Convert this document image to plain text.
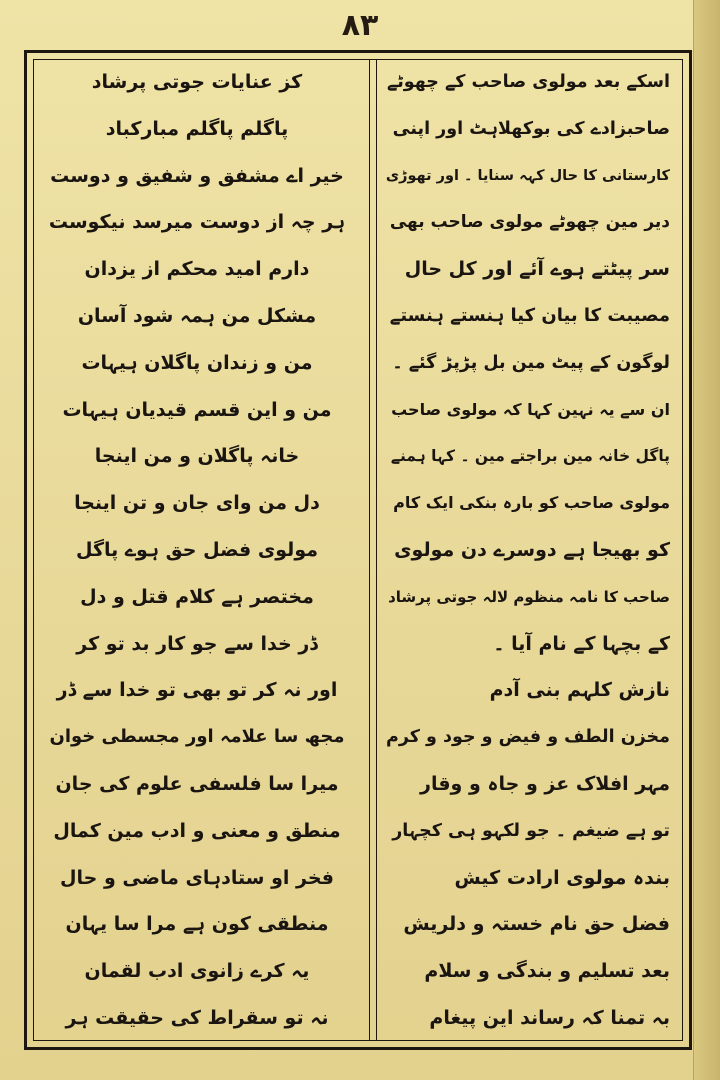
۸۳
اسکے بعد مولوی صاحب کے چھوٹے
صاحبزادے کی بوکھلاہٹ اور اپنی
کارستانی کا حال کہہ سنایا ۔ اور تھوڑی
دیر مین چھوٹے مولوی صاحب بھی
سر پیٹتے ہوے آئے اور کل حال
مصیبت کا بیان کیا ہنستے ہنستے
لوگون کے پیٹ مین بل پڑپڑ گئے ۔
ان سے یہ نہین کہا کہ مولوی صاحب
پاگل خانہ مین براجتے مین ۔ کہا ہمنے
مولوی صاحب کو بارہ بنکی ایک کام
کو بھیجا ہے دوسرے دن مولوی
صاحب کا نامہ منظوم لالہ جوتی پرشاد
کے بچہا کے نام آیا ۔
نازش کلہم بنی آدم
مخزن الطف و فیض و جود و کرم
مہر افلاک عز و جاہ و وقار
تو ہے ضیغم ۔ جو لکہو ہی کچہار
بندہ مولوی ارادت کیش
فضل حق نام خستہ و دلریش
بعد تسلیم و بندگی و سلام
بہ تمنا کہ رساند این پیغام
کز عنایات جوتی پرشاد
پاگلم پاگلم مبارکباد
خیر اے مشفق و شفیق و دوست
ہر چہ از دوست میرسد نیکوست
دارم امید محکم از یزدان
مشکل من ہمہ شود آسان
من و زندان پاگلان ہیہات
من و این قسم قیدیان ہیہات
خانہ پاگلان و من اینجا
دل من وای جان و تن اینجا
مولوی فضل حق ہوے پاگل
مختصر ہے کلام قتل و دل
ڈر خدا سے جو کار بد تو کر
اور نہ کر تو بھی تو خدا سے ڈر
مجھ سا علامہ اور مجسطی خوان
میرا سا فلسفی علوم کی جان
منطق و معنی و ادب مین کمال
فخر او ستادہای ماضی و حال
منطقی کون ہے مرا سا یہان
یہ کرے زانوی ادب لقمان
نہ تو سقراط کی حقیقت ہر
